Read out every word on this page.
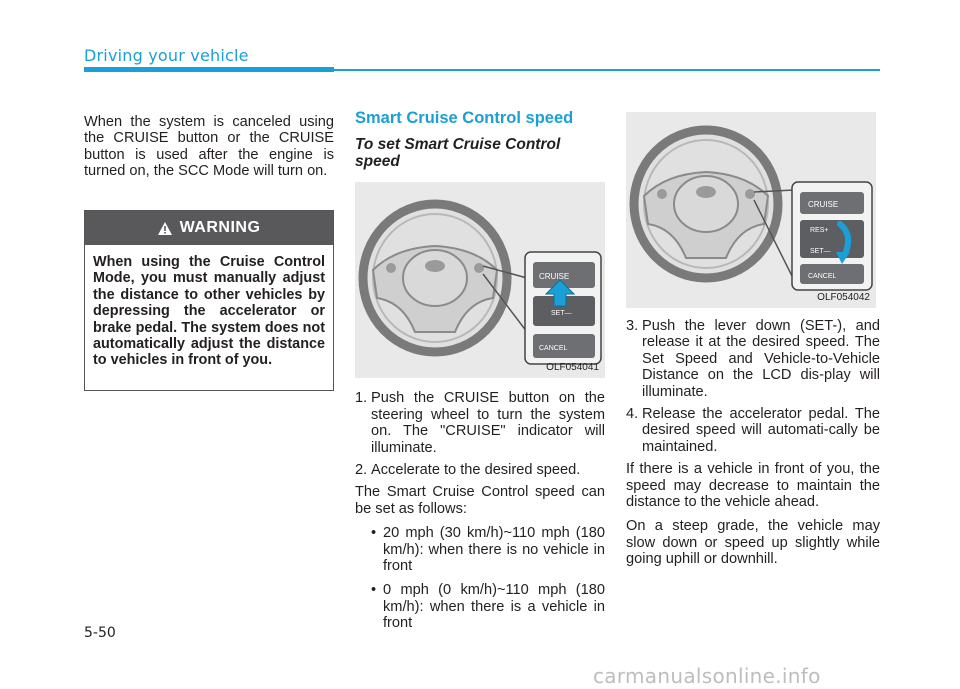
Driving your vehicle

When the system is canceled using the CRUISE button or the CRUISE button is used after the engine is turned on, the SCC Mode will turn on.

WARNING
When using the Cruise Control Mode, you must manually adjust the distance to other vehicles by depressing the accelerator or brake pedal. The system does not automatically adjust the distance to vehicles in front of you.
Smart Cruise Control speed
To set Smart Cruise Control speed
CRUISE
SET—
CANCEL
OLF054041
1. Push the CRUISE button on the steering wheel to turn the system on. The "CRUISE" indicator will illuminate.
2. Accelerate to the desired speed.

The Smart Cruise Control speed can be set as follows:

• 20 mph (30 km/h)~110 mph (180 km/h): when there is no vehicle in front
• 0 mph (0 km/h)~110 mph (180 km/h): when there is a vehicle in front
CRUISE
RES+
SET—
CANCEL
OLF054042
3. Push the lever down (SET-), and release it at the desired speed. The Set Speed and Vehicle-to-Vehicle Distance on the LCD dis-play will illuminate.
4. Release the accelerator pedal. The desired speed will automati-cally be maintained.

If there is a vehicle in front of you, the speed may decrease to maintain the distance to the vehicle ahead.

On a steep grade, the vehicle may slow down or speed up slightly while going uphill or downhill.

5-50
carmanualsonline.info
